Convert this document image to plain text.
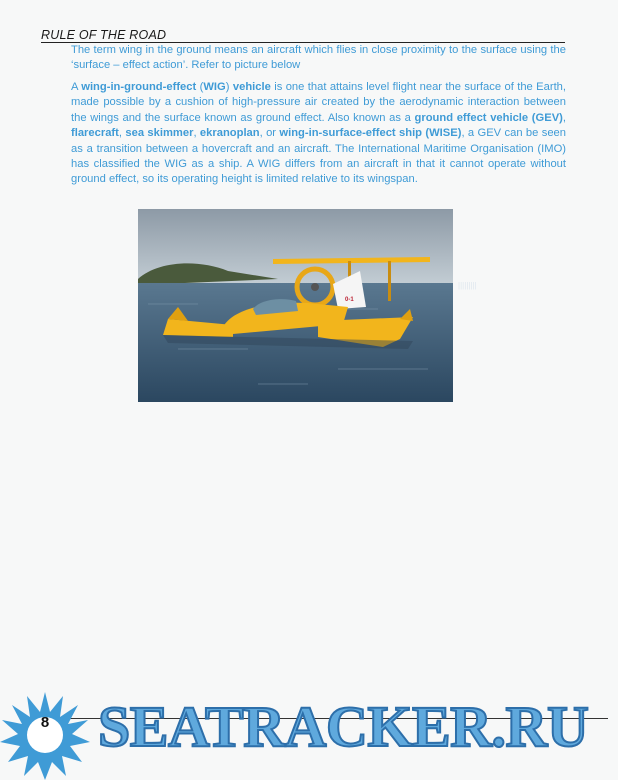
RULE OF THE ROAD

The term wing in the ground means an aircraft which flies in close proximity to the surface using the ‘surface – effect action’. Refer to picture below

A wing-in-ground-effect (WIG) vehicle is one that attains level flight near the surface of the Earth, made possible by a cushion of high-pressure air created by the aerodynamic interaction between the wings and the surface known as ground effect. Also known as a ground effect vehicle (GEV), flarecraft, sea skimmer, ekranoplan, or wing-in-surface-effect ship (WISE), a GEV can be seen as a transition between a hovercraft and an aircraft. The International Maritime Organisation (IMO) has classified the WIG as a ship. A WIG differs from an aircraft in that it cannot operate without ground effect, so its operating height is limited relative to its wingspan.

0-1
|||||||||
8 SEATRACKER.RU
